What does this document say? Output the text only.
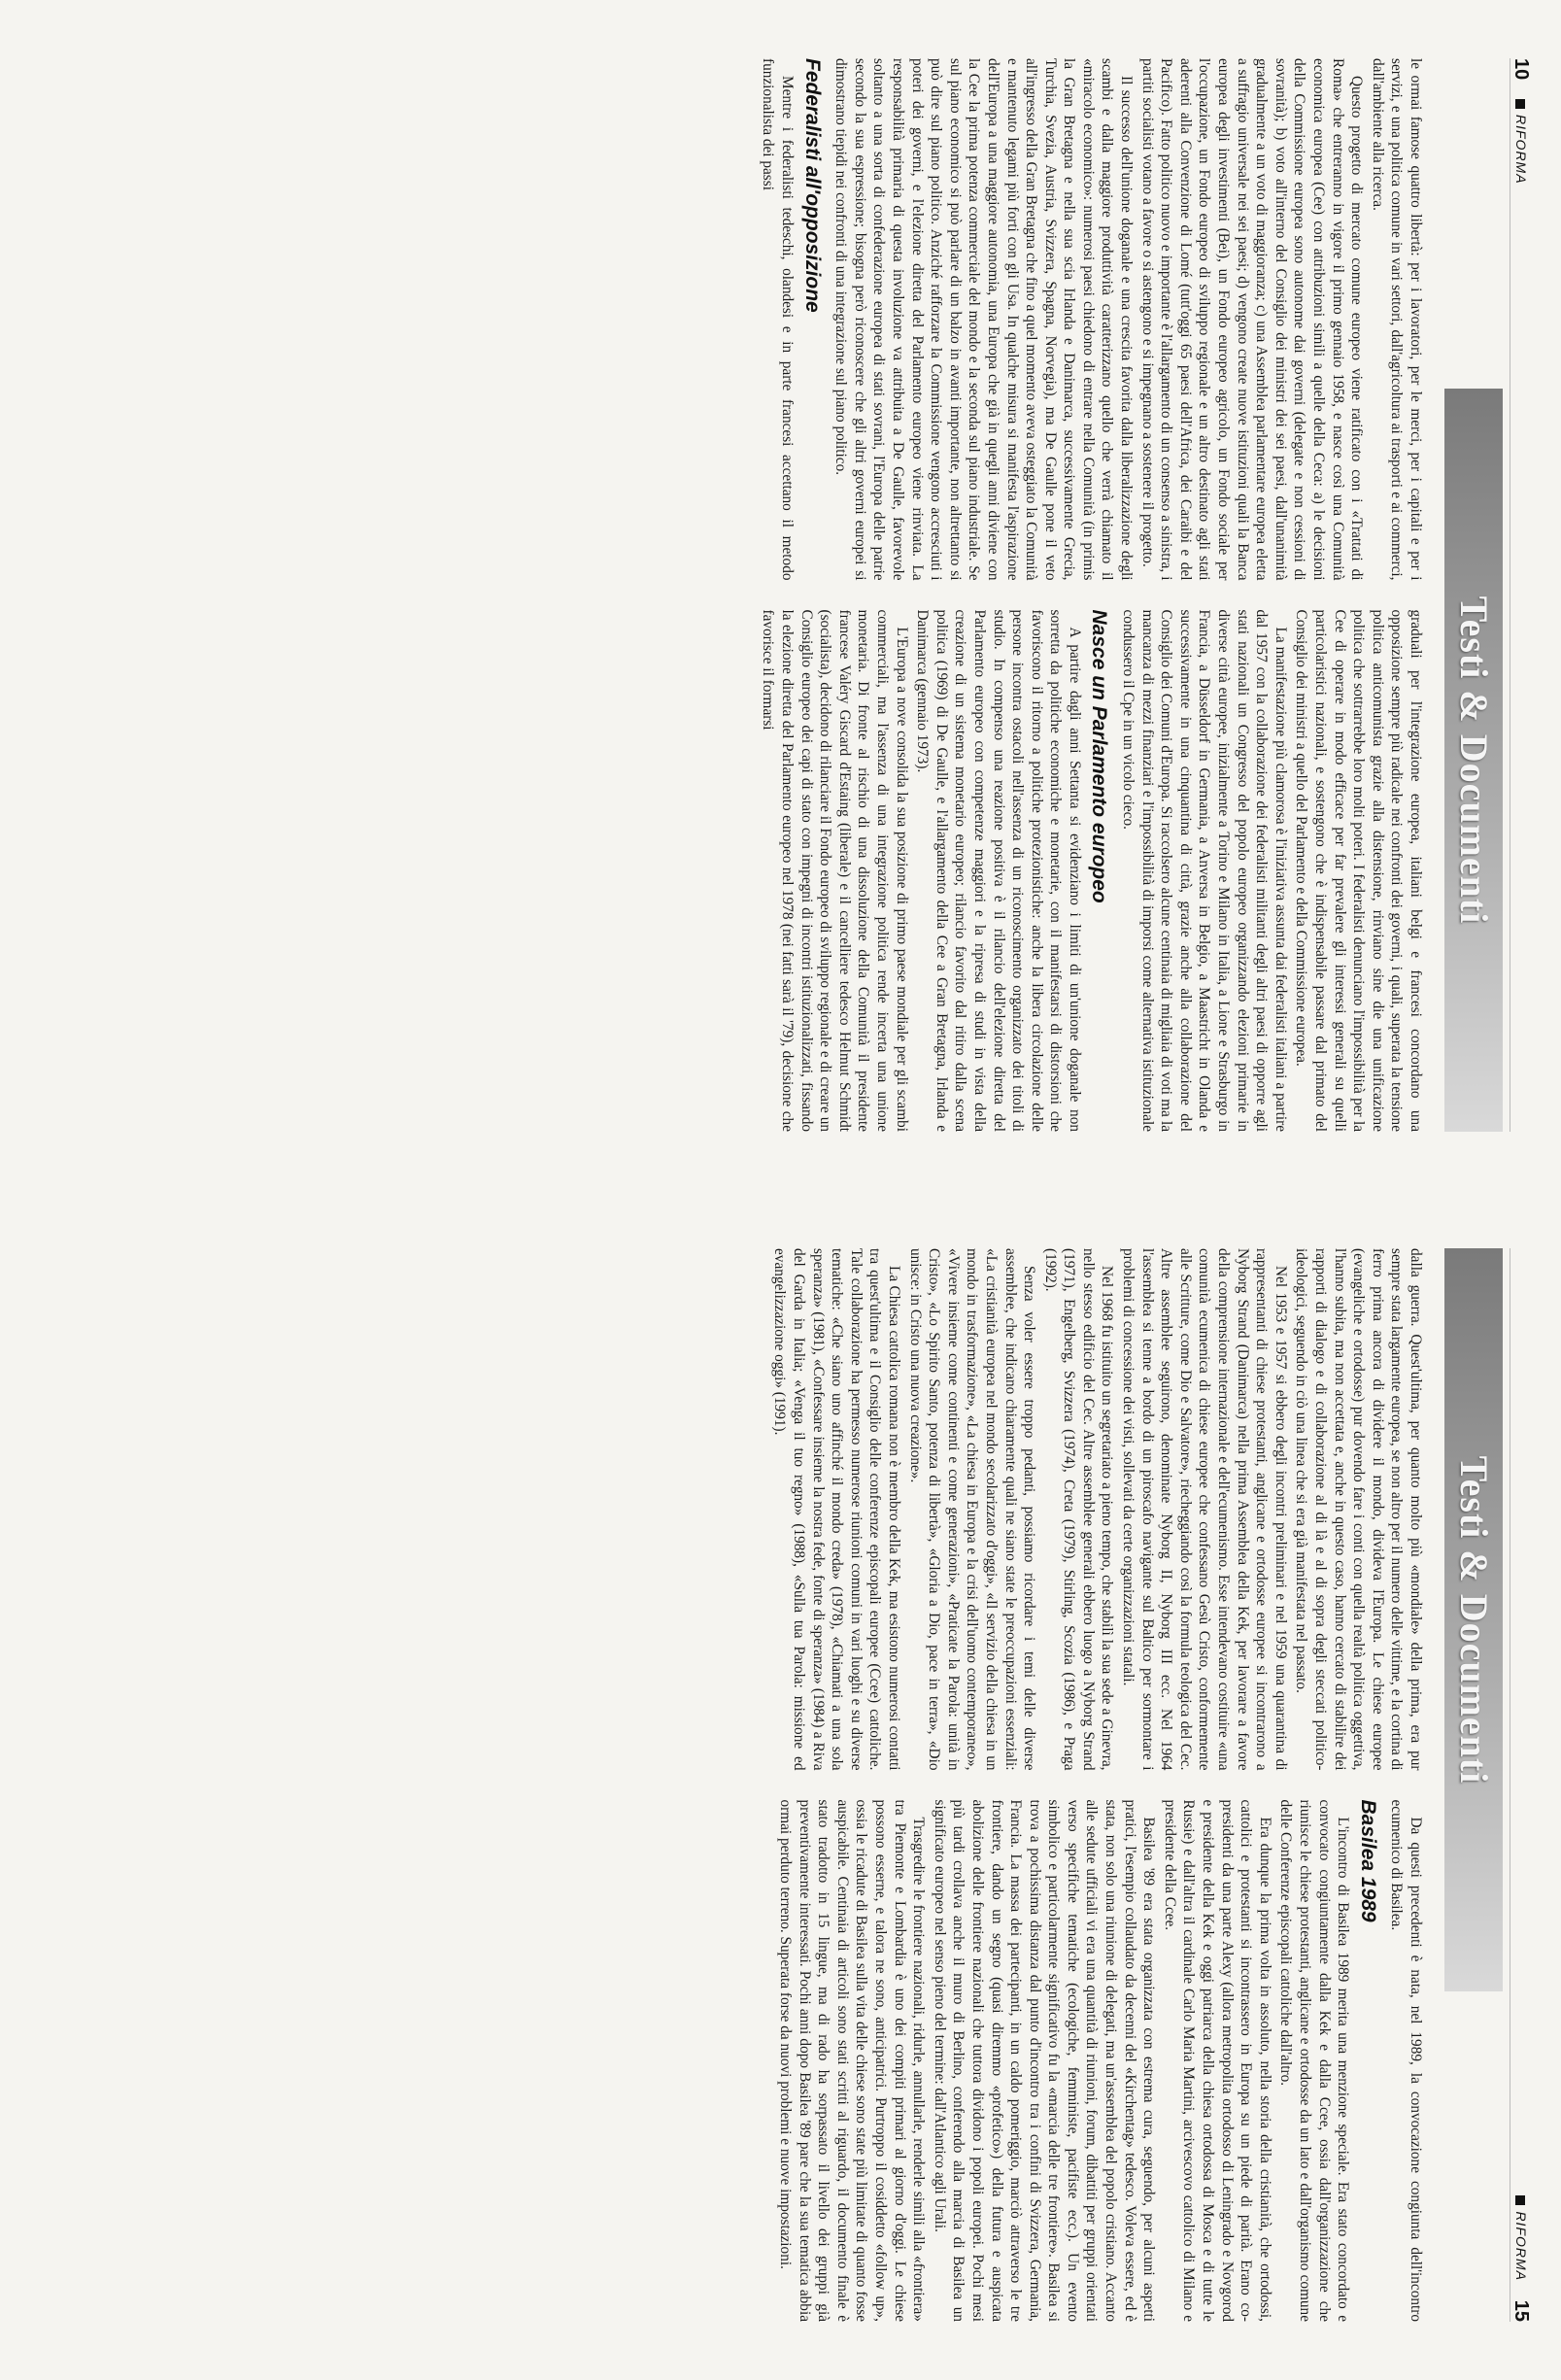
10
RIFORMA
Testi & Documenti

le ormai famose quattro libertà: per i lavoratori, per le merci, per i capitali e per i servizi, e una politica comune in vari settori, dall'agricoltura ai trasporti e ai commerci, dall'ambiente alla ricerca.

Questo progetto di mercato comune europeo viene ratificato con i «Trattati di Roma» che entreranno in vigore il primo gennaio 1958, e nasce così una Comunità economica europea (Cee) con attribuzioni simili a quelle della Ceca: a) le decisioni della Commissione europea sono autonome dai governi (delegate e non cessioni di sovranità); b) voto all'interno del Consiglio dei ministri dei sei paesi, dall'unanimità gradualmente a un voto di maggioranza; c) una Assemblea parlamentare europea eletta a suffragio universale nei sei paesi; d) vengono create nuove istituzioni quali la Banca europea degli investimenti (Bei), un Fondo europeo agricolo, un Fondo sociale per l'occupazione, un Fondo europeo di sviluppo regionale e un altro destinato agli stati aderenti alla Convenzione di Lomé (tutt'oggi 65 paesi dell'Africa, dei Caraibi e del Pacifico). Fatto politico nuovo e importante è l'allargamento di un consenso a sinistra, i partiti socialisti votano a favore o si astengono e si impegnano a sostenere il progetto.

Il successo dell'unione doganale e una crescita favorita dalla liberalizzazione degli scambi e dalla maggiore produttività caratterizzano quello che verrà chiamato il «miracolo economico»: numerosi paesi chiedono di entrare nella Comunità (in primis la Gran Bretagna e nella sua scia Irlanda e Danimarca, successivamente Grecia, Turchia, Svezia, Austria, Svizzera, Spagna, Norvegia), ma De Gaulle pone il veto all'ingresso della Gran Bretagna che fino a quel momento aveva osteggiato la Comunità e mantenuto legami più forti con gli Usa. In qualche misura si manifesta l'aspirazione dell'Europa a una maggiore autonomia, una Europa che già in quegli anni diviene con la Cee la prima potenza commerciale del mondo e la seconda sul piano industriale. Se sul piano economico si può parlare di un balzo in avanti importante, non altrettanto si può dire sul piano politico. Anziché rafforzare la Commissione vengono accresciuti i poteri dei governi, e l'elezione diretta del Parlamento europeo viene rinviata. La responsabilità primaria di questa involuzione va attribuita a De Gaulle, favorevole soltanto a una sorta di confederazione europea di stati sovrani, l'Europa delle patrie secondo la sua espressione; bisogna però riconoscere che gli altri governi europei si dimostrano tiepidi nei confronti di una integrazione sul piano politico.

Federalisti all'opposizione

Mentre i federalisti tedeschi, olandesi e in parte francesi accettano il metodo funzionalista dei passi

graduali per l'integrazione europea, italiani belgi e francesi concordano una opposizione sempre più radicale nei confronti dei governi, i quali, superata la tensione politica anticomunista grazie alla distensione, rinviano sine die una unificazione politica che sottrarrebbe loro molti poteri. I federalisti denunciano l'impossibilità per la Cee di operare in modo efficace per far prevalere gli interessi generali su quelli particolaristici nazionali, e sostengono che è indispensabile passare dal primato del Consiglio dei ministri a quello del Parlamento e della Commissione europea.

La manifestazione più clamorosa è l'iniziativa assunta dai federalisti italiani a partire dal 1957 con la collaborazione dei federalisti militanti degli altri paesi di opporre agli stati nazionali un Congresso del popolo europeo organizzando elezioni primarie in diverse città europee, inizialmente a Torino e Milano in Italia, a Lione e Strasburgo in Francia, a Düsseldorf in Germania, a Anversa in Belgio, a Maastricht in Olanda e successivamente in una cinquantina di città, grazie anche alla collaborazione del Consiglio dei Comuni d'Europa. Si raccolsero alcune centinaia di migliaia di voti ma la mancanza di mezzi finanziari e l'impossibilità di imporsi come alternativa istituzionale condussero il Cpe in un vicolo cieco.

Nasce un Parlamento europeo

A partire dagli anni Settanta si evidenziano i limiti di un'unione doganale non sorretta da politiche economiche e monetarie, con il manifestarsi di distorsioni che favoriscono il ritorno a politiche protezionistiche: anche la libera circolazione delle persone incontra ostacoli nell'assenza di un riconoscimento organizzato dei titoli di studio. In compenso una reazione positiva è il rilancio dell'elezione diretta del Parlamento europeo con competenze maggiori e la ripresa di studi in vista della creazione di un sistema monetario europeo; rilancio favorito dal ritiro dalla scena politica (1969) di De Gaulle, e l'allargamento della Cee a Gran Bretagna, Irlanda e Danimarca (gennaio 1973).

L'Europa a nove consolida la sua posizione di primo paese mondiale per gli scambi commerciali, ma l'assenza di una integrazione politica rende incerta una unione monetaria. Di fronte al rischio di una dissoluzione della Comunità il presidente francese Valéry Giscard d'Estaing (liberale) e il cancelliere tedesco Helmut Schmidt (socialista), decidono di rilanciare il Fondo europeo di sviluppo regionale e di creare un Consiglio europeo dei capi di stato con impegni di incontri istituzionalizzati, fissando la elezione diretta del Parlamento europeo nel 1978 (nei fatti sarà il '79), decisione che favorisce il formarsi

RIFORMA
15
Testi & Documenti

dalla guerra. Quest'ultima, per quanto molto più «mondiale» della prima, era pur sempre stata largamente europea, se non altro per il numero delle vittime, e la cortina di ferro prima ancora di dividere il mondo, divideva l'Europa. Le chiese europee (evangeliche e ortodosse) pur dovendo fare i conti con quella realtà politica oggettiva, l'hanno subita, ma non accettata e, anche in questo caso, hanno cercato di stabilire dei rapporti di dialogo e di collaborazione al di là e al di sopra degli steccati politico-ideologici, seguendo in ciò una linea che si era già manifestata nel passato.

Nel 1953 e 1957 si ebbero degli incontri preliminari e nel 1959 una quarantina di rappresentanti di chiese protestanti, anglicane e ortodosse europee si incontrarono a Nyborg Strand (Danimarca) nella prima Assemblea della Kek, per lavorare a favore della comprensione internazionale e dell'ecumenismo. Esse intendevano costituire «una comunità ecumenica di chiese europee che confessano Gesù Cristo, conformemente alle Scritture, come Dio e Salvatore», riecheggiando così la formula teologica del Cec. Altre assemblee seguirono, denominate Nyborg II, Nyborg III ecc. Nel 1964 l'assemblea si tenne a bordo di un piroscafo navigante sul Baltico per sormontare i problemi di concessione dei visti, sollevati da certe organizzazioni statali.

Nel 1968 fu istituito un segretariato a pieno tempo, che stabilì la sua sede a Ginevra, nello stesso edificio del Cec. Altre assemblee generali ebbero luogo a Nyborg Strand (1971), Engelberg, Svizzera (1974), Creta (1979), Stirling, Scozia (1986), e Praga (1992).

Senza voler essere troppo pedanti, possiamo ricordare i temi delle diverse assemblee, che indicano chiaramente quali ne siano state le preoccupazioni essenziali: «La cristianità europea nel mondo secolarizzato d'oggi», «Il servizio della chiesa in un mondo in trasformazione», «La chiesa in Europa e la crisi dell'uomo contemporaneo», «Vivere insieme come continenti e come generazioni», «Praticate la Parola: unità in Cristo», «Lo Spirito Santo, potenza di libertà», «Gloria a Dio, pace in terra», «Dio unisce: in Cristo una nuova creazione».

La Chiesa cattolica romana non è membro della Kek, ma esistono numerosi contatti tra quest'ultima e il Consiglio delle conferenze episcopali europee (Ccee) cattoliche. Tale collaborazione ha permesso numerose riunioni comuni in vari luoghi e su diverse tematiche: «Che siano uno affinché il mondo creda» (1978), «Chiamati a una sola speranza» (1981), «Confessare insieme la nostra fede, fonte di speranza» (1984) a Riva del Garda in Italia; «Venga il tuo regno» (1988), «Sulla tua Parola: missione ed evangelizzazione oggi» (1991).

Da questi precedenti è nata, nel 1989, la convocazione congiunta dell'incontro ecumenico di Basilea.

Basilea 1989

L'incontro di Basilea 1989 merita una menzione speciale. Era stato concordato e convocato congiuntamente dalla Kek e dalla Ccee, ossia dall'organizzazione che riunisce le chiese protestanti, anglicane e ortodosse da un lato e dall'organismo comune delle Conferenze episcopali cattoliche dall'altro.

Era dunque la prima volta in assoluto, nella storia della cristianità, che ortodossi, cattolici e protestanti si incontrassero in Europa su un piede di parità. Erano co-presidenti da una parte Alexy (allora metropolita ortodosso di Leningrado e Novgorod e presidente della Kek e oggi patriarca della chiesa ortodossa di Mosca e di tutte le Russie) e dall'altra il cardinale Carlo Maria Martini, arcivescovo cattolico di Milano e presidente della Ccee.

Basilea '89 era stata organizzata con estrema cura, seguendo, per alcuni aspetti pratici, l'esempio collaudato da decenni del «Kirchentag» tedesco. Voleva essere, ed è stata, non solo una riunione di delegati, ma un'assemblea del popolo cristiano. Accanto alle sedute ufficiali vi era una quantità di riunioni, forum, dibattiti per gruppi orientati verso specifiche tematiche (ecologiche, femministe, pacifiste ecc.). Un evento simbolico e particolarmente significativo fu la «marcia delle tre frontiere». Basilea si trova a pochissima distanza dal punto d'incontro tra i confini di Svizzera, Germania, Francia. La massa dei partecipanti, in un caldo pomeriggio, marciò attraverso le tre frontiere, dando un segno (quasi diremmo «profetico») della futura e auspicata abolizione delle frontiere nazionali che tuttora dividono i popoli europei. Pochi mesi più tardi crollava anche il muro di Berlino, conferendo alla marcia di Basilea un significato europeo nel senso pieno del termine: dall'Atlantico agli Urali.

Trasgredire le frontiere nazionali, ridurle, annullarle, renderle simili alla «frontiera» tra Piemonte e Lombardia è uno dei compiti primari al giorno d'oggi. Le chiese possono esserne, e talora ne sono, anticipatrici. Purtroppo il cosiddetto «follow up», ossia le ricadute di Basilea sulla vita delle chiese sono state più limitate di quanto fosse auspicabile. Centinaia di articoli sono stati scritti al riguardo, il documento finale è stato tradotto in 15 lingue, ma di rado ha sorpassato il livello dei gruppi già preventivamente interessati. Pochi anni dopo Basilea '89 pare che la sua tematica abbia ormai perduto terreno. Superata forse da nuovi problemi e nuove impostazioni.
